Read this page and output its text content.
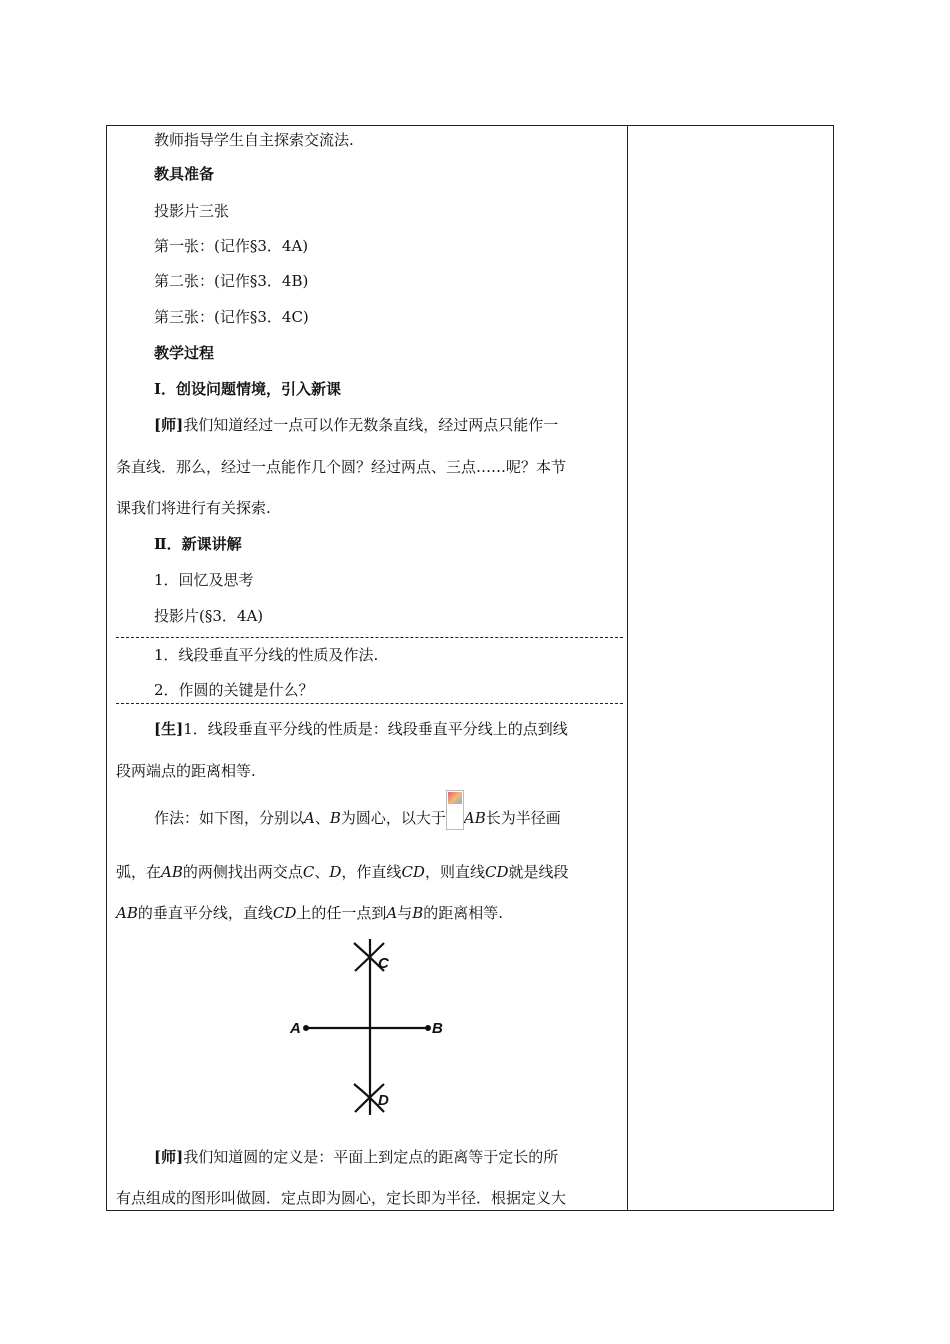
教师指导学生自主探索交流法.
教具准备
投影片三张
第一张：(记作§3．4A)
第二张：(记作§3．4B)
第三张：(记作§3．4C)
教学过程
Ⅰ．创设问题情境，引入新课
[师]我们知道经过一点可以作无数条直线，经过两点只能作一
条直线．那么，经过一点能作几个圆？经过两点、三点……呢？本节
课我们将进行有关探索.
Ⅱ．新课讲解
1．回忆及思考
投影片(§3．4A)
1．线段垂直平分线的性质及作法.
2．作圆的关键是什么？
[生]1．线段垂直平分线的性质是：线段垂直平分线上的点到线
段两端点的距离相等.
作法：如下图，分别以A、B为圆心，以大于 AB长为半径画
弧，在AB的两侧找出两交点C、D，作直线CD，则直线CD就是线段
AB的垂直平分线，直线CD上的任一点到A与B的距离相等.
[师]我们知道圆的定义是：平面上到定点的距离等于定长的所
有点组成的图形叫做圆．定点即为圆心，定长即为半径．根据定义大
C
D
A	B
